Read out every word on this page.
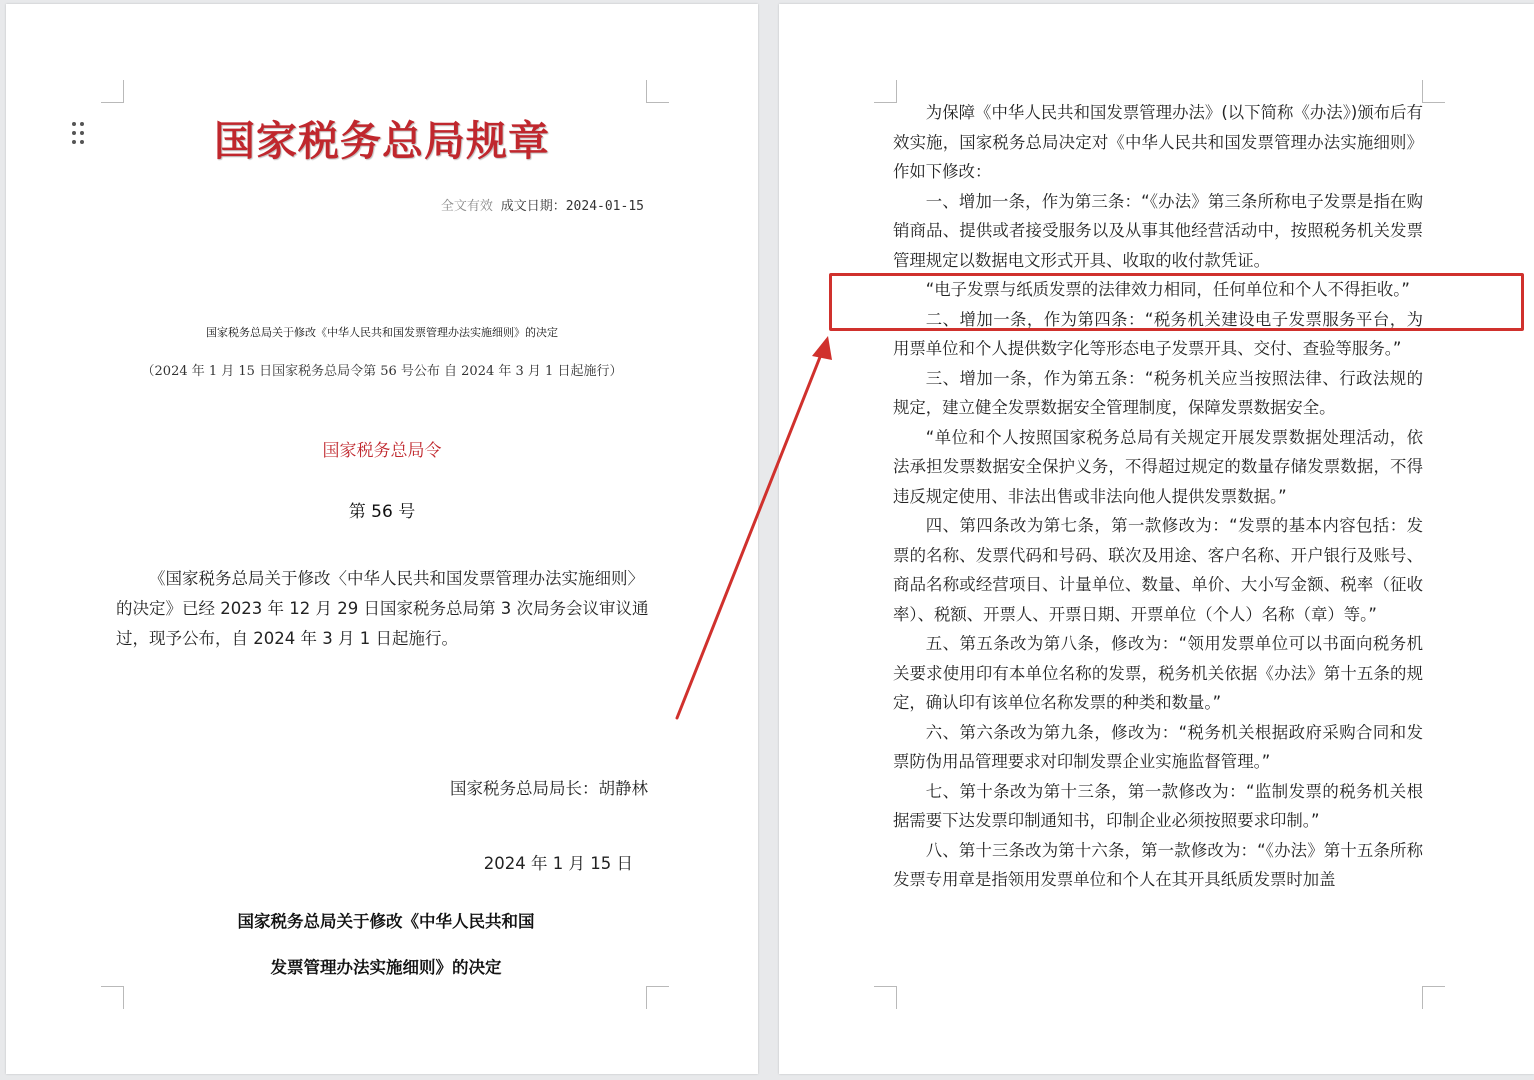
国家税务总局规章
全文有效 成文日期：2024-01-15
国家税务总局关于修改《中华人民共和国发票管理办法实施细则》的决定
（2024 年 1 月 15 日国家税务总局令第 56 号公布 自 2024 年 3 月 1 日起施行）
国家税务总局令
第 56 号
《国家税务总局关于修改〈中华人民共和国发票管理办法实施细则〉的决定》已经 2023 年 12 月 29 日国家税务总局第 3 次局务会议审议通过，现予公布，自 2024 年 3 月 1 日起施行。
国家税务总局局长：胡静林
2024 年 1 月 15 日
国家税务总局关于修改《中华人民共和国
发票管理办法实施细则》的决定

为保障《中华人民共和国发票管理办法》(以下简称《办法》)颁布后有效实施，国家税务总局决定对《中华人民共和国发票管理办法实施细则》作如下修改：

一、增加一条，作为第三条：“《办法》第三条所称电子发票是指在购销商品、提供或者接受服务以及从事其他经营活动中，按照税务机关发票管理规定以数据电文形式开具、收取的收付款凭证。

“电子发票与纸质发票的法律效力相同，任何单位和个人不得拒收。”

二、增加一条，作为第四条：“税务机关建设电子发票服务平台，为用票单位和个人提供数字化等形态电子发票开具、交付、查验等服务。”

三、增加一条，作为第五条：“税务机关应当按照法律、行政法规的规定，建立健全发票数据安全管理制度，保障发票数据安全。

“单位和个人按照国家税务总局有关规定开展发票数据处理活动，依法承担发票数据安全保护义务，不得超过规定的数量存储发票数据，不得违反规定使用、非法出售或非法向他人提供发票数据。”

四、第四条改为第七条，第一款修改为：“发票的基本内容包括：发票的名称、发票代码和号码、联次及用途、客户名称、开户银行及账号、商品名称或经营项目、计量单位、数量、单价、大小写金额、税率（征收率）、税额、开票人、开票日期、开票单位（个人）名称（章）等。”

五、第五条改为第八条，修改为：“领用发票单位可以书面向税务机关要求使用印有本单位名称的发票，税务机关依据《办法》第十五条的规定，确认印有该单位名称发票的种类和数量。”

六、第六条改为第九条，修改为：“税务机关根据政府采购合同和发票防伪用品管理要求对印制发票企业实施监督管理。”

七、第十条改为第十三条，第一款修改为：“监制发票的税务机关根据需要下达发票印制通知书，印制企业必须按照要求印制。”

八、第十三条改为第十六条，第一款修改为：“《办法》第十五条所称发票专用章是指领用发票单位和个人在其开具纸质发票时加盖
